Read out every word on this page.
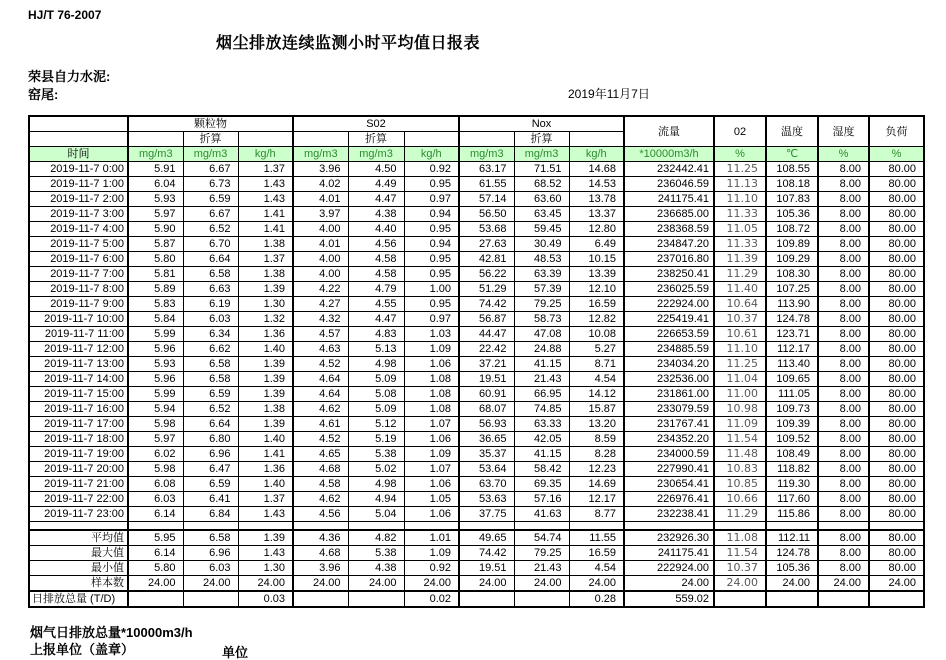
HJ/T 76-2007
烟尘排放连续监测小时平均值日报表
荣县自力水泥:
窑尾:	2019年11月7日
	颗粒物			S02			Nox			流量	02	温度	湿度	负荷
		折算			折算			折算						
时间	mg/m3	mg/m3	kg/h	mg/m3	mg/m3	kg/h	mg/m3	mg/m3	kg/h	*10000m3/h	%	℃	%	%
2019-11-7 0:00	5.91	6.67	1.37	3.96	4.50	0.92	63.17	71.51	14.68	232442.41	11.25	108.55	8.00	80.00
2019-11-7 1:00	6.04	6.73	1.43	4.02	4.49	0.95	61.55	68.52	14.53	236046.59	11.13	108.18	8.00	80.00
2019-11-7 2:00	5.93	6.59	1.43	4.01	4.47	0.97	57.14	63.60	13.78	241175.41	11.10	107.83	8.00	80.00
2019-11-7 3:00	5.97	6.67	1.41	3.97	4.38	0.94	56.50	63.45	13.37	236685.00	11.33	105.36	8.00	80.00
2019-11-7 4:00	5.90	6.52	1.41	4.00	4.40	0.95	53.68	59.45	12.80	238368.59	11.05	108.72	8.00	80.00
2019-11-7 5:00	5.87	6.70	1.38	4.01	4.56	0.94	27.63	30.49	6.49	234847.20	11.33	109.89	8.00	80.00
2019-11-7 6:00	5.80	6.64	1.37	4.00	4.58	0.95	42.81	48.53	10.15	237016.80	11.39	109.29	8.00	80.00
2019-11-7 7:00	5.81	6.58	1.38	4.00	4.58	0.95	56.22	63.39	13.39	238250.41	11.29	108.30	8.00	80.00
2019-11-7 8:00	5.89	6.63	1.39	4.22	4.79	1.00	51.29	57.39	12.10	236025.59	11.40	107.25	8.00	80.00
2019-11-7 9:00	5.83	6.19	1.30	4.27	4.55	0.95	74.42	79.25	16.59	222924.00	10.64	113.90	8.00	80.00
2019-11-7 10:00	5.84	6.03	1.32	4.32	4.47	0.97	56.87	58.73	12.82	225419.41	10.37	124.78	8.00	80.00
2019-11-7 11:00	5.99	6.34	1.36	4.57	4.83	1.03	44.47	47.08	10.08	226653.59	10.61	123.71	8.00	80.00
2019-11-7 12:00	5.96	6.62	1.40	4.63	5.13	1.09	22.42	24.88	5.27	234885.59	11.10	112.17	8.00	80.00
2019-11-7 13:00	5.93	6.58	1.39	4.52	4.98	1.06	37.21	41.15	8.71	234034.20	11.25	113.40	8.00	80.00
2019-11-7 14:00	5.96	6.58	1.39	4.64	5.09	1.08	19.51	21.43	4.54	232536.00	11.04	109.65	8.00	80.00
2019-11-7 15:00	5.99	6.59	1.39	4.64	5.08	1.08	60.91	66.95	14.12	231861.00	11.00	111.05	8.00	80.00
2019-11-7 16:00	5.94	6.52	1.38	4.62	5.09	1.08	68.07	74.85	15.87	233079.59	10.98	109.73	8.00	80.00
2019-11-7 17:00	5.98	6.64	1.39	4.61	5.12	1.07	56.93	63.33	13.20	231767.41	11.09	109.39	8.00	80.00
2019-11-7 18:00	5.97	6.80	1.40	4.52	5.19	1.06	36.65	42.05	8.59	234352.20	11.54	109.52	8.00	80.00
2019-11-7 19:00	6.02	6.96	1.41	4.65	5.38	1.09	35.37	41.15	8.28	234000.59	11.48	108.49	8.00	80.00
2019-11-7 20:00	5.98	6.47	1.36	4.68	5.02	1.07	53.64	58.42	12.23	227990.41	10.83	118.82	8.00	80.00
2019-11-7 21:00	6.08	6.59	1.40	4.58	4.98	1.06	63.70	69.35	14.69	230654.41	10.85	119.30	8.00	80.00
2019-11-7 22:00	6.03	6.41	1.37	4.62	4.94	1.05	53.63	57.16	12.17	226976.41	10.66	117.60	8.00	80.00
2019-11-7 23:00	6.14	6.84	1.43	4.56	5.04	1.06	37.75	41.63	8.77	232238.41	11.29	115.86	8.00	80.00

平均值	5.95	6.58	1.39	4.36	4.82	1.01	49.65	54.74	11.55	232926.30	11.08	112.11	8.00	80.00
最大值	6.14	6.96	1.43	4.68	5.38	1.09	74.42	79.25	16.59	241175.41	11.54	124.78	8.00	80.00
最小值	5.80	6.03	1.30	3.96	4.38	0.92	19.51	21.43	4.54	222924.00	10.37	105.36	8.00	80.00
样本数	24.00	24.00	24.00	24.00	24.00	24.00	24.00	24.00	24.00	24.00	24.00	24.00	24.00	24.00
日排放总量 (T/D)			0.03			0.02			0.28	559.02				
烟气日排放总量*10000m3/h
上报单位（盖章）	单位
